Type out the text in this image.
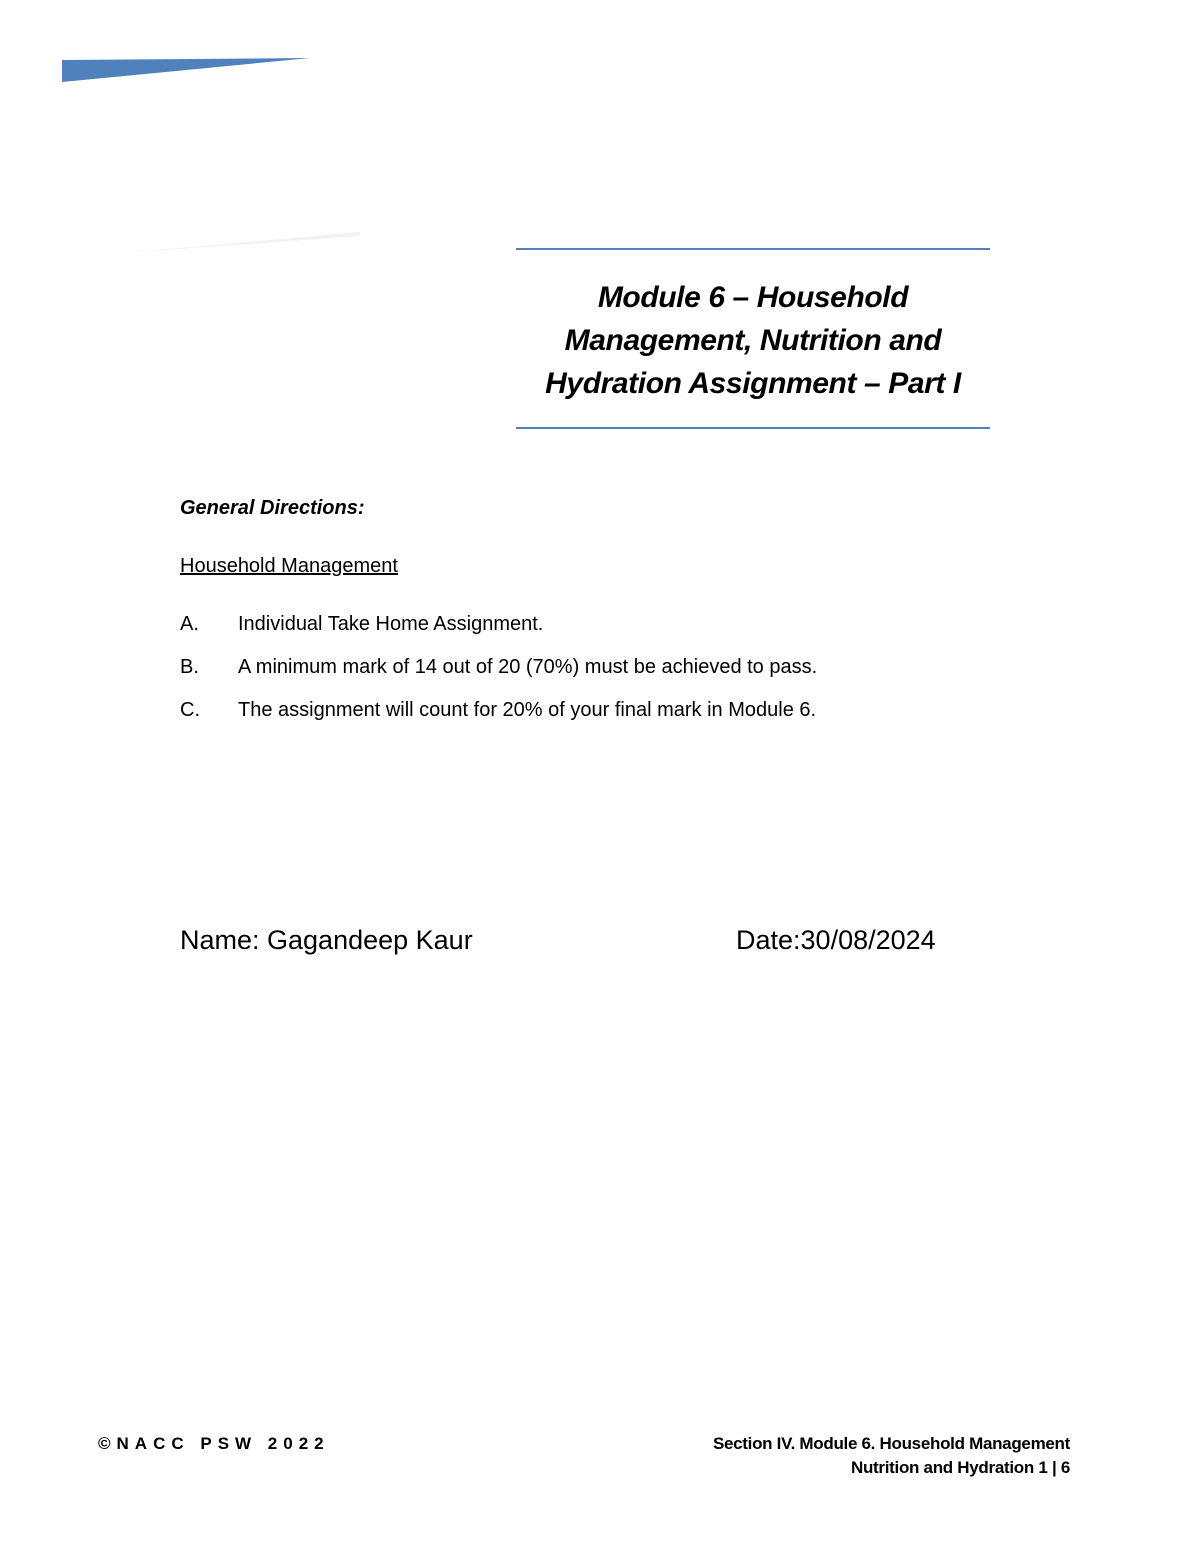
Module 6 – Household
Management, Nutrition and
Hydration Assignment – Part I

General Directions:

Household Management

A.	Individual Take Home Assignment.
B.	A minimum mark of 14 out of 20 (70%) must be achieved to pass.
C.	The assignment will count for 20% of your final mark in Module 6.
Name: Gagandeep Kaur	Date:30/08/2024
©NACC PSW 2022	Section IV. Module 6. Household Management
Nutrition and Hydration 1 | 6
